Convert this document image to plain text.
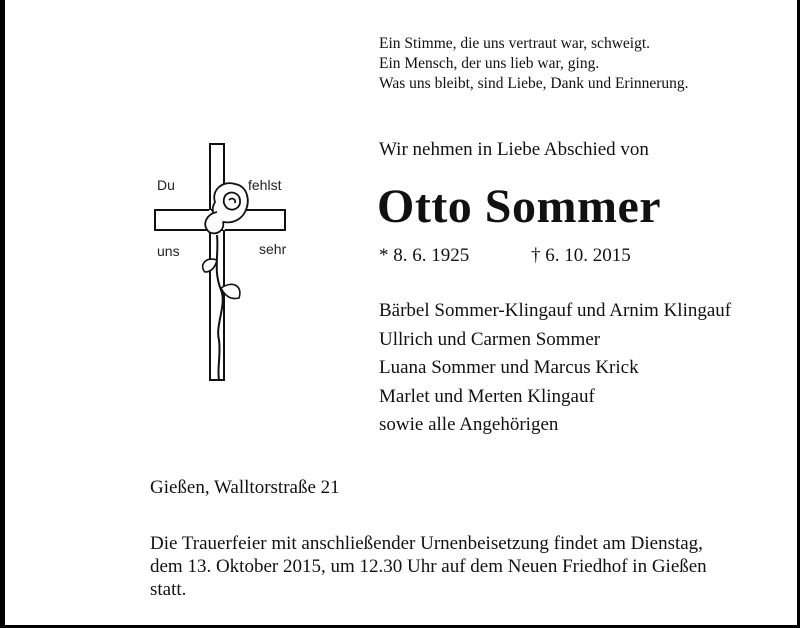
Ein Stimme, die uns vertraut war, schweigt.
Ein Mensch, der uns lieb war, ging.
Was uns bleibt, sind Liebe, Dank und Erinnerung.
Du	fehlst
uns	sehr
Wir nehmen in Liebe Abschied von
Otto Sommer
* 8. 6. 1925	† 6. 10. 2015
Bärbel Sommer-Klingauf und Arnim Klingauf
Ullrich und Carmen Sommer
Luana Sommer und Marcus Krick
Marlet und Merten Klingauf
sowie alle Angehörigen
Gießen, Walltorstraße 21
Die Trauerfeier mit anschließender Urnenbeisetzung findet am Dienstag,
dem 13. Oktober 2015, um 12.30 Uhr auf dem Neuen Friedhof in Gießen
statt.
